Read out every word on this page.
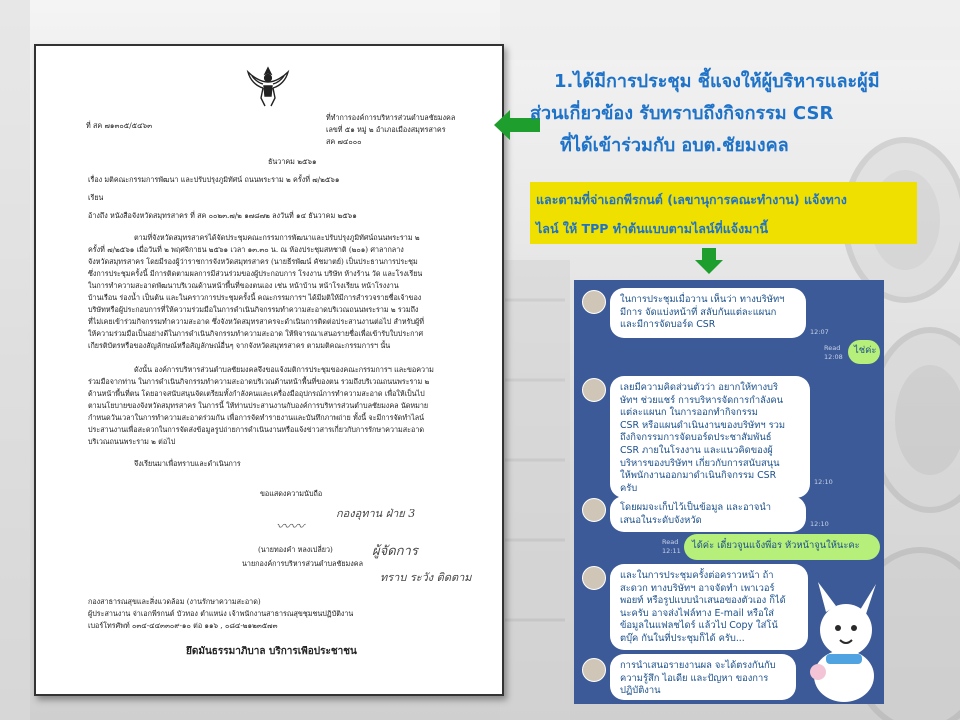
ที่ สค ๗๑๓๐๕/๕๔๖๓
ที่ทำการองค์การบริหารส่วนตำบลชัยมงคล
เลขที่ ๕๑ หมู่ ๒ อำเภอเมืองสมุทรสาคร
สค ๗๔๐๐๐
ธันวาคม ๒๕๖๑
เรื่อง มติคณะกรรมการพัฒนา และปรับปรุงภูมิทัศน์ ถนนพระราม ๒ ครั้งที่ ๗/๒๕๖๑
เรียน
อ้างถึง หนังสือจังหวัดสมุทรสาคร ที่ สค ๐๐๒๓.๗/๒ ๑๗๘๗๒ ลงวันที่ ๑๔ ธันวาคม ๒๕๖๑
ตามที่จังหวัดสมุทรสาครได้จัดประชุมคณะกรรมการพัฒนาและปรับปรุงภูมิทัศน์ถนนพระราม ๒
ครั้งที่ ๗/๒๕๖๑ เมื่อวันที่ ๒ พฤศจิกายน ๒๕๖๑ เวลา ๑๓.๓๐ น. ณ ห้องประชุมสหชาติ (๒๐๑) ศาลากลาง
จังหวัดสมุทรสาคร โดยมีรองผู้ว่าราชการจังหวัดสมุทรสาคร (นายธีรพัฒน์ คัชมาตย์) เป็นประธานการประชุม
ซึ่งการประชุมครั้งนี้ มีการติดตามผลการมีส่วนร่วมของผู้ประกอบการ โรงงาน บริษัท ห้างร้าน วัด และโรงเรียน
ในการทำความสะอาดพัฒนาบริเวณด้านหน้าพื้นที่ของตนเอง เช่น หน้าบ้าน หน้าโรงเรียน หน้าโรงงาน
บ้านเรือน ร่องน้ำ เป็นต้น และในคราวการประชุมครั้งนี้ คณะกรรมการฯ ได้มีมติให้มีการสำรวจรายชื่อเจ้าของ
บริษัทหรือผู้ประกอบการที่ให้ความร่วมมือในการดำเนินกิจกรรมทำความสะอาดบริเวณถนนพระราม ๒ รวมถึง
ที่ไม่เคยเข้าร่วมกิจกรรมทำความสะอาด ซึ่งจังหวัดสมุทรสาครจะดำเนินการติดต่อประสานงานต่อไป สำหรับผู้ที่
ให้ความร่วมมือเป็นอย่างดีในการดำเนินกิจกรรมทำความสะอาด ให้พิจารณาเสนอรายชื่อเพื่อเข้ารับใบประกาศ
เกียรติบัตรหรือของสัญลักษณ์หรือสัญลักษณ์อื่นๆ จากจังหวัดสมุทรสาคร ตามมติคณะกรรมการฯ นั้น
ดังนั้น องค์การบริหารส่วนตำบลชัยมงคลจึงขอแจ้งมติการประชุมของคณะกรรมการฯ และขอความ
ร่วมมือจากท่าน ในการดำเนินกิจกรรมทำความสะอาดบริเวณด้านหน้าพื้นที่ของตน รวมถึงบริเวณถนนพระราม ๒
ด้านหน้าพื้นที่ตน โดยอาจสนับสนุนจัดเตรียมทั้งกำลังคนและเครื่องมืออุปกรณ์การทำความสะอาด เพื่อให้เป็นไป
ตามนโยบายของจังหวัดสมุทรสาคร ในการนี้ ให้ท่านประสานงานกับองค์การบริหารส่วนตำบลชัยมงคล นัดหมาย
กำหนดวันเวลาในการทำความสะอาดร่วมกัน เพื่อการจัดทำรายงานและบันทึกภาพถ่าย ทั้งนี้ จะมีการจัดทำไลน์
ประสานงานเพื่อสะดวกในการจัดส่งข้อมูลรูปถ่ายการดำเนินงานหรือแจ้งข่าวสารเกี่ยวกับการรักษาความสะอาด
บริเวณถนนพระราม ๒ ต่อไป
จึงเรียนมาเพื่อทราบและดำเนินการ
ขอแสดงความนับถือ
กองอุทาน ฝ่าย 3
〰〰
(นายทองคำ หลงเปลี่ยว)	ผู้จัดการ
นายกองค์การบริหารส่วนตำบลชัยมงคล
ทราบ ระวัง ติดตาม
กองสาธารณสุขและสิ่งแวดล้อม (งานรักษาความสะอาด)
ผู้ประสานงาน จ่าเอกพีรกนต์ บัวทอง ตำแหน่ง เจ้าพนักงานสาธารณสุขชุมชนปฏิบัติงาน
เบอร์โทรศัพท์ ๐๓๔-๔๔๓๓๐๙-๑๐ ต่อ ๑๑๖ , ๐๘๔-๒๑๒๓๕๗๓
ยึดมั่นธรรมาภิบาล บริการเพื่อประชาชน
1.ได้มีการประชุม ชี้แจงให้ผู้บริหารและผู้มี
ส่วนเกี่ยวข้อง รับทราบถึงกิจกรรม CSR
ที่ได้เข้าร่วมกับ อบต.ชัยมงคล
และตามที่จ่าเอกพีรกนต์ (เลขานุการคณะทำงาน) แจ้งทาง
ไลน์ ให้ TPP ทำต้นแบบตามไลน์ที่แจ้งมานี้
ในการประชุมเมื่อวาน เห็นว่า ทางบริษัทฯ
มีการ จัดแบ่งหน้าที่ สลับกันแต่ละแผนก
และมีการจัดบอร์ด CSR
12:07
Read
12:08
ไช่ค่ะ
เลยมีความคิดส่วนตัวว่า อยากให้ทางบริ
ษัทฯ ช่วยแชร์ การบริหารจัดการกำลังคน
แต่ละแผนก ในการออกทำกิจกรรม
CSR หรือแผนดำเนินงานของบริษัทฯ รวม
ถึงกิจกรรมการจัดบอร์ดประชาสัมพันธ์
CSR ภายในโรงงาน และแนวคิดของผู้
บริหารของบริษัทฯ เกี่ยวกับการสนับสนุน
ให้พนักงานออกมาดำเนินกิจกรรม CSR
ครับ
12:10
โดยผมจะเก็บไว้เป็นข้อมูล และอาจนำ
เสนอในระดับจังหวัด	12:10
Read
12:11 ได้ค่ะ เดี๋ยวจูนแจ้งพี่อร หัวหน้าจูนให้นะคะ
และในการประชุมครั้งต่อคราวหน้า ถ้า
สะดวก ทางบริษัทฯ อาจจัดทำ เพาเวอร์
พอยท์ หรือรูปแบบนำเสนอของตัวเอง ก็ได้
นะครับ อาจส่งไฟล์ทาง E-mail หรือใส่
ข้อมูลในแฟลชไดร์ แล้วไป Copy ใส่โน้
ตบุ๊ค กันในที่ประชุมก็ได้ ครับ...
การนำเสนอรายงานผล จะได้ตรงกันกับ
ความรู้สึก ไอเดีย และปัญหา ของการ
ปฏิบัติงาน
